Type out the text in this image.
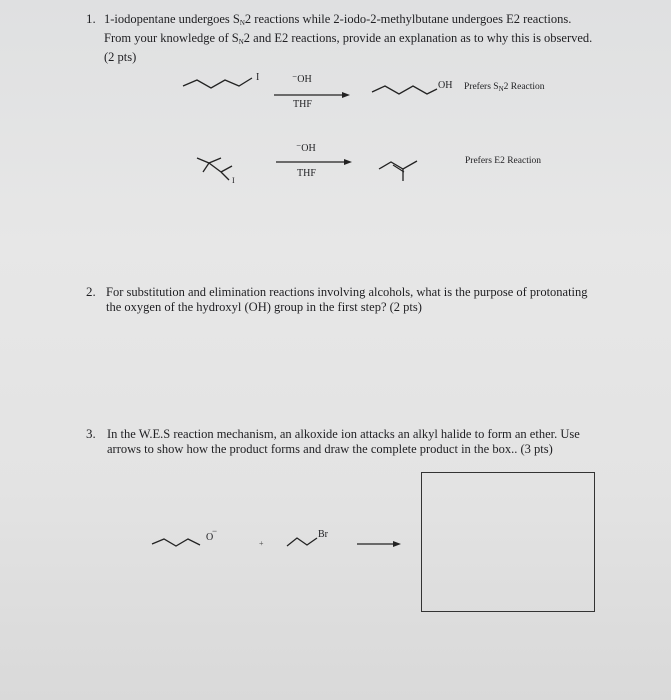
1. 1-iodopentane undergoes $S_N2$ reactions while 2-iodo-2-methylbutane undergoes E2 reactions.
From your knowledge of $S_N2$ and E2 reactions, provide an explanation as to why this is observed.
(2 pts)
I	⁻OH
THF
OH Prefers $S_N2$ Reaction
I
⁻OH
THF
Prefers E2 Reaction
2. For substitution and elimination reactions involving alcohols, what is the purpose of protonating
the oxygen of the hydroxyl (OH) group in the first step? (2 pts)
3. In the W.E.S reaction mechanism, an alkoxide ion attacks an alkyl halide to form an ether. Use
arrows to show how the product forms and draw the complete product in the box.. (3 pts)
O
−
+
Br
